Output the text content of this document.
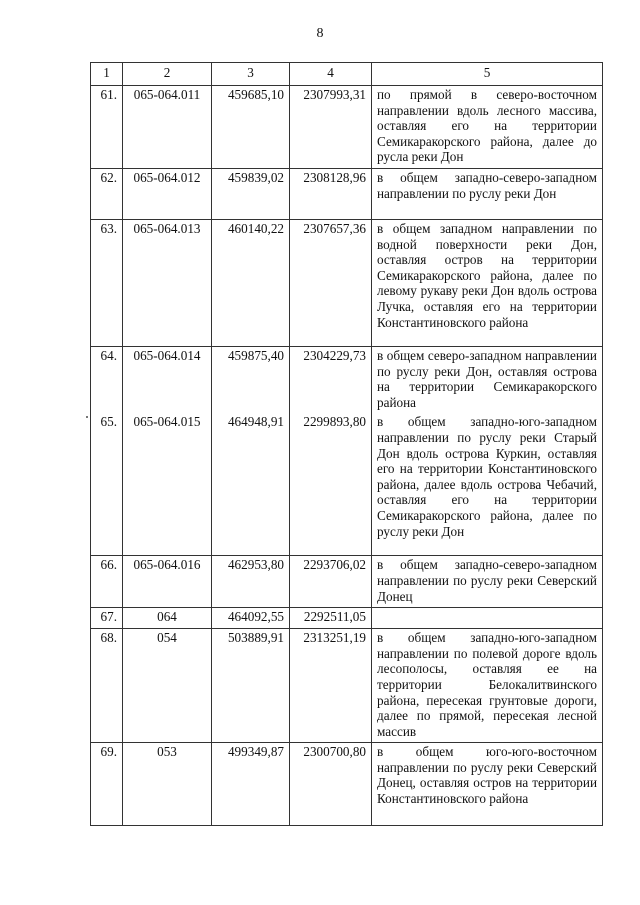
8
1	2	3	4	5
61.	065-064.011	459685,10	2307993,31	по прямой в северо-восточном направлении вдоль лесного массива, оставляя его на территории Семикаракорского района, далее до русла реки Дон
62.	065-064.012	459839,02	2308128,96	в общем западно-северо-западном направлении по руслу реки Дон
63.	065-064.013	460140,22	2307657,36	в общем западном направлении по водной поверхности реки Дон, оставляя остров на территории Семикаракорского района, далее по левому рукаву реки Дон вдоль острова Лучка, оставляя его на территории Константиновского района
64.	065-064.014	459875,40	2304229,73	в общем северо-западном направлении по руслу реки Дон, оставляя острова на территории Семикаракорского района
65.	065-064.015	464948,91	2299893,80	в общем западно-юго-западном направлении по руслу реки Старый Дон вдоль острова Куркин, оставляя его на территории Константиновского района, далее вдоль острова Чебачий, оставляя его на территории Семикаракорского района, далее по руслу реки Дон
66.	065-064.016	462953,80	2293706,02	в общем западно-северо-западном направлении по руслу реки Северский Донец
67.	064	464092,55	2292511,05	
68.	054	503889,91	2313251,19	в общем западно-юго-западном направлении по полевой дороге вдоль лесополосы, оставляя ее на территории Белокалитвинского района, пересекая грунтовые дороги, далее по прямой, пересекая лесной массив
69.	053	499349,87	2300700,80	в общем юго-юго-восточном направлении по руслу реки Северский Донец, оставляя остров на территории Константиновского района
